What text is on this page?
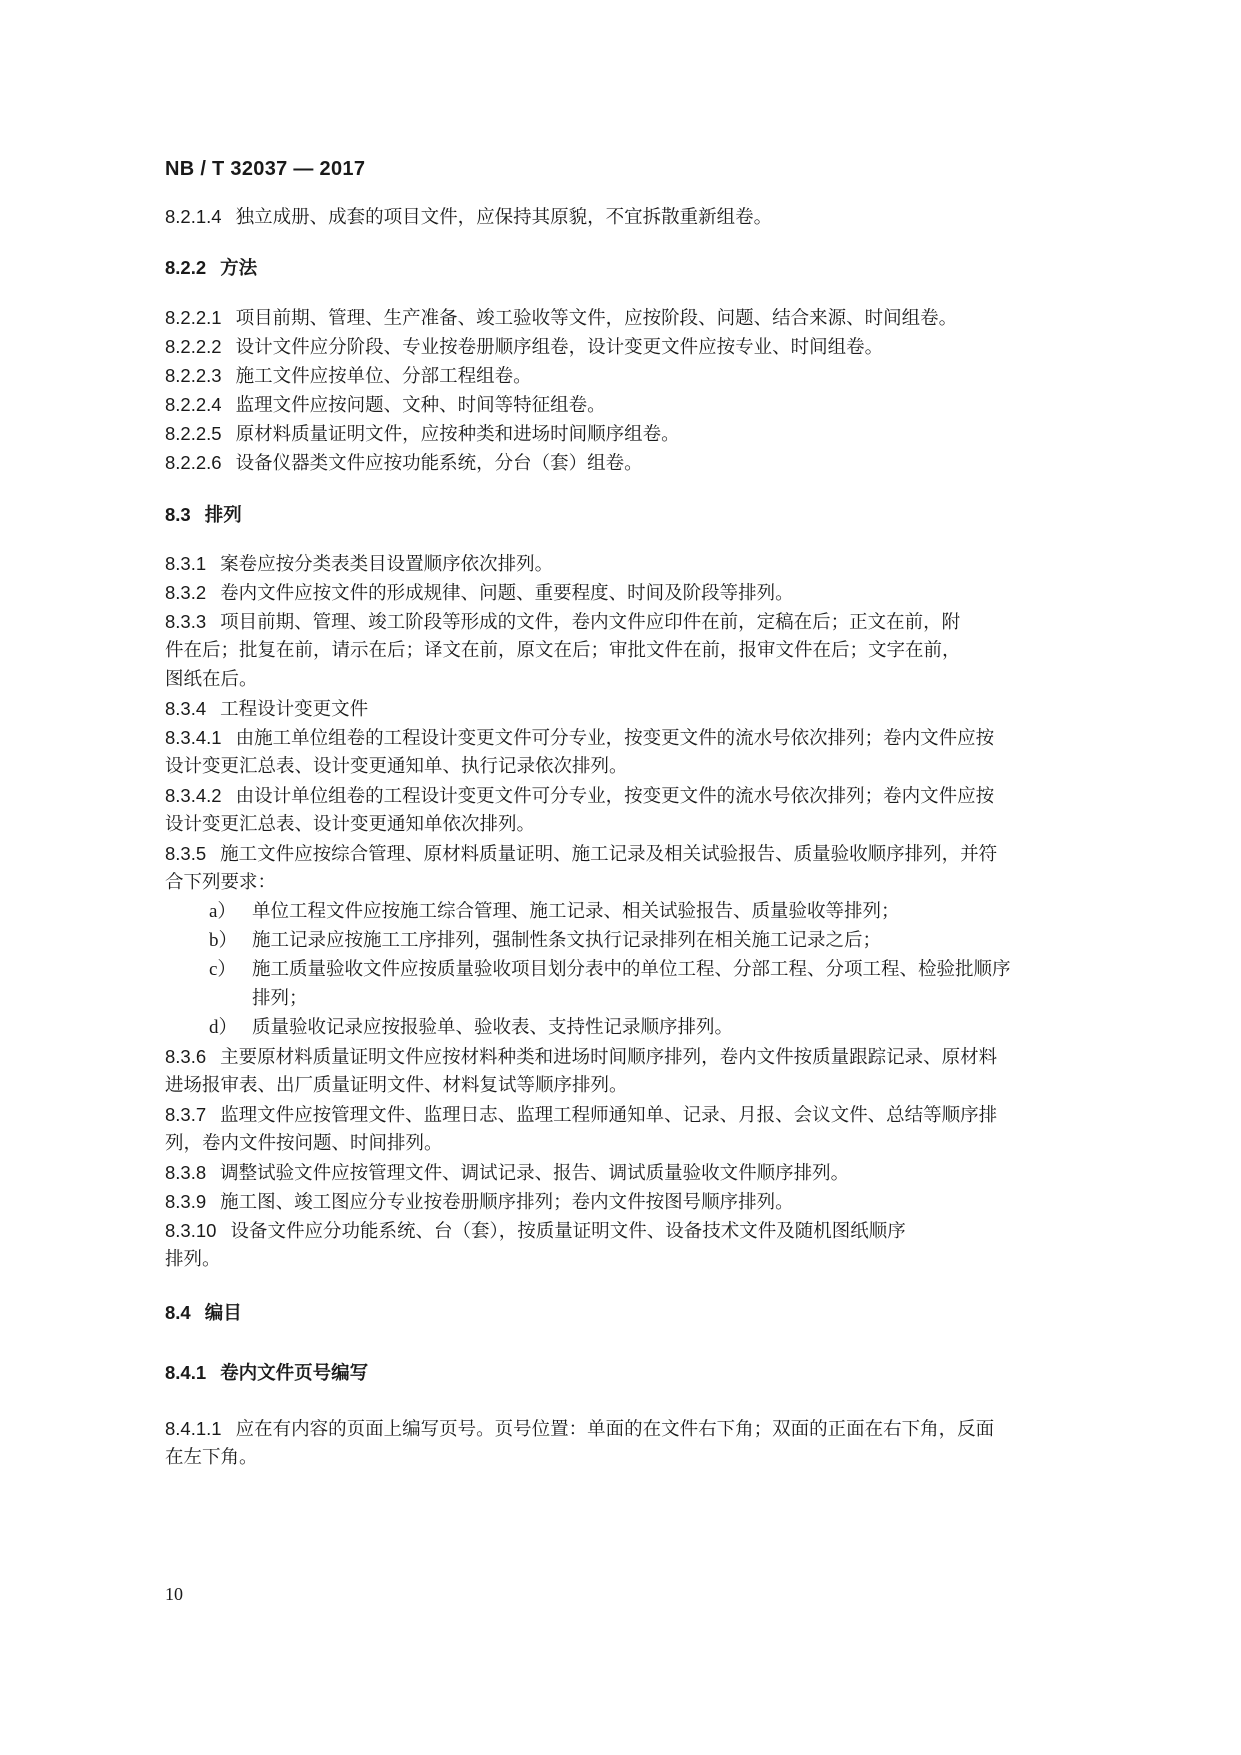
NB / T 32037 — 2017
8.2.1.4 独立成册、成套的项目文件，应保持其原貌，不宜拆散重新组卷。
8.2.2 方法
8.2.2.1 项目前期、管理、生产准备、竣工验收等文件，应按阶段、问题、结合来源、时间组卷。
8.2.2.2 设计文件应分阶段、专业按卷册顺序组卷，设计变更文件应按专业、时间组卷。
8.2.2.3 施工文件应按单位、分部工程组卷。
8.2.2.4 监理文件应按问题、文种、时间等特征组卷。
8.2.2.5 原材料质量证明文件，应按种类和进场时间顺序组卷。
8.2.2.6 设备仪器类文件应按功能系统，分台（套）组卷。
8.3 排列
8.3.1 案卷应按分类表类目设置顺序依次排列。
8.3.2 卷内文件应按文件的形成规律、问题、重要程度、时间及阶段等排列。
8.3.3 项目前期、管理、竣工阶段等形成的文件，卷内文件应印件在前，定稿在后；正文在前，附
件在后；批复在前，请示在后；译文在前，原文在后；审批文件在前，报审文件在后；文字在前，
图纸在后。
8.3.4 工程设计变更文件
8.3.4.1 由施工单位组卷的工程设计变更文件可分专业，按变更文件的流水号依次排列；卷内文件应按
设计变更汇总表、设计变更通知单、执行记录依次排列。
8.3.4.2 由设计单位组卷的工程设计变更文件可分专业，按变更文件的流水号依次排列；卷内文件应按
设计变更汇总表、设计变更通知单依次排列。
8.3.5 施工文件应按综合管理、原材料质量证明、施工记录及相关试验报告、质量验收顺序排列，并符
合下列要求：
a） 单位工程文件应按施工综合管理、施工记录、相关试验报告、质量验收等排列；
b） 施工记录应按施工工序排列，强制性条文执行记录排列在相关施工记录之后；
c） 施工质量验收文件应按质量验收项目划分表中的单位工程、分部工程、分项工程、检验批顺序
排列；
d） 质量验收记录应按报验单、验收表、支持性记录顺序排列。
8.3.6 主要原材料质量证明文件应按材料种类和进场时间顺序排列，卷内文件按质量跟踪记录、原材料
进场报审表、出厂质量证明文件、材料复试等顺序排列。
8.3.7 监理文件应按管理文件、监理日志、监理工程师通知单、记录、月报、会议文件、总结等顺序排
列，卷内文件按问题、时间排列。
8.3.8 调整试验文件应按管理文件、调试记录、报告、调试质量验收文件顺序排列。
8.3.9 施工图、竣工图应分专业按卷册顺序排列；卷内文件按图号顺序排列。
8.3.10 设备文件应分功能系统、台（套），按质量证明文件、设备技术文件及随机图纸顺序
排列。
8.4 编目
8.4.1 卷内文件页号编写
8.4.1.1 应在有内容的页面上编写页号。页号位置：单面的在文件右下角；双面的正面在右下角，反面
在左下角。
10
